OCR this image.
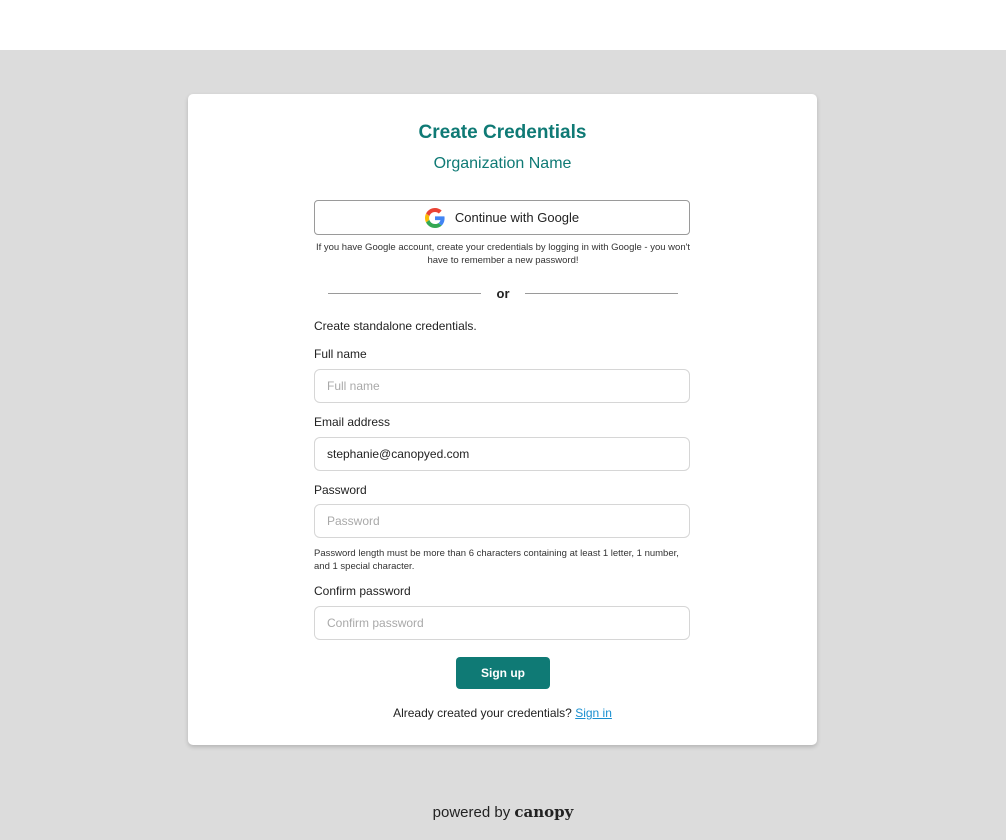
Create Credentials
Organization Name
Continue with Google
If you have Google account, create your credentials by logging in with Google - you won't have to remember a new password!
or
Create standalone credentials.
Full name
Full name
Email address
stephanie@canopyed.com
Password
Password length must be more than 6 characters containing at least 1 letter, 1 number, and 1 special character.
Confirm password
Sign up
Already created your credentials? Sign in
powered by canopy
